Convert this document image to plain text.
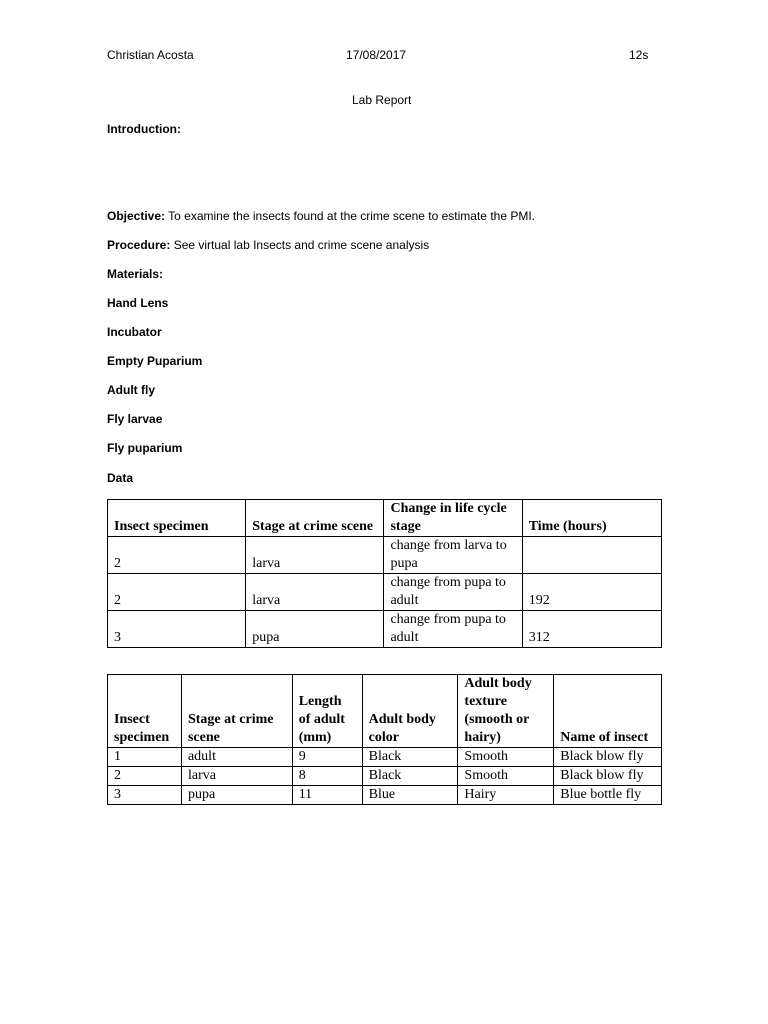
Christian Acosta	17/08/2017	12s
Lab Report
Introduction:
Objective: To examine the insects found at the crime scene to estimate the PMI.
Procedure: See virtual lab Insects and crime scene analysis
Materials:
Hand Lens
Incubator
Empty Puparium
Adult fly
Fly larvae
Fly puparium
Data
Insect specimen	Stage at crime scene	Change in life cycle stage	Time (hours)
2	larva	change from larva to pupa	
2	larva	change from pupa to adult	192
3	pupa	change from pupa to adult	312
Insect specimen	Stage at crime scene	Length of adult (mm)	Adult body color	Adult body texture (smooth or hairy)	Name of insect
1	adult	9	Black	Smooth	Black blow fly
2	larva	8	Black	Smooth	Black blow fly
3	pupa	11	Blue	Hairy	Blue bottle fly
